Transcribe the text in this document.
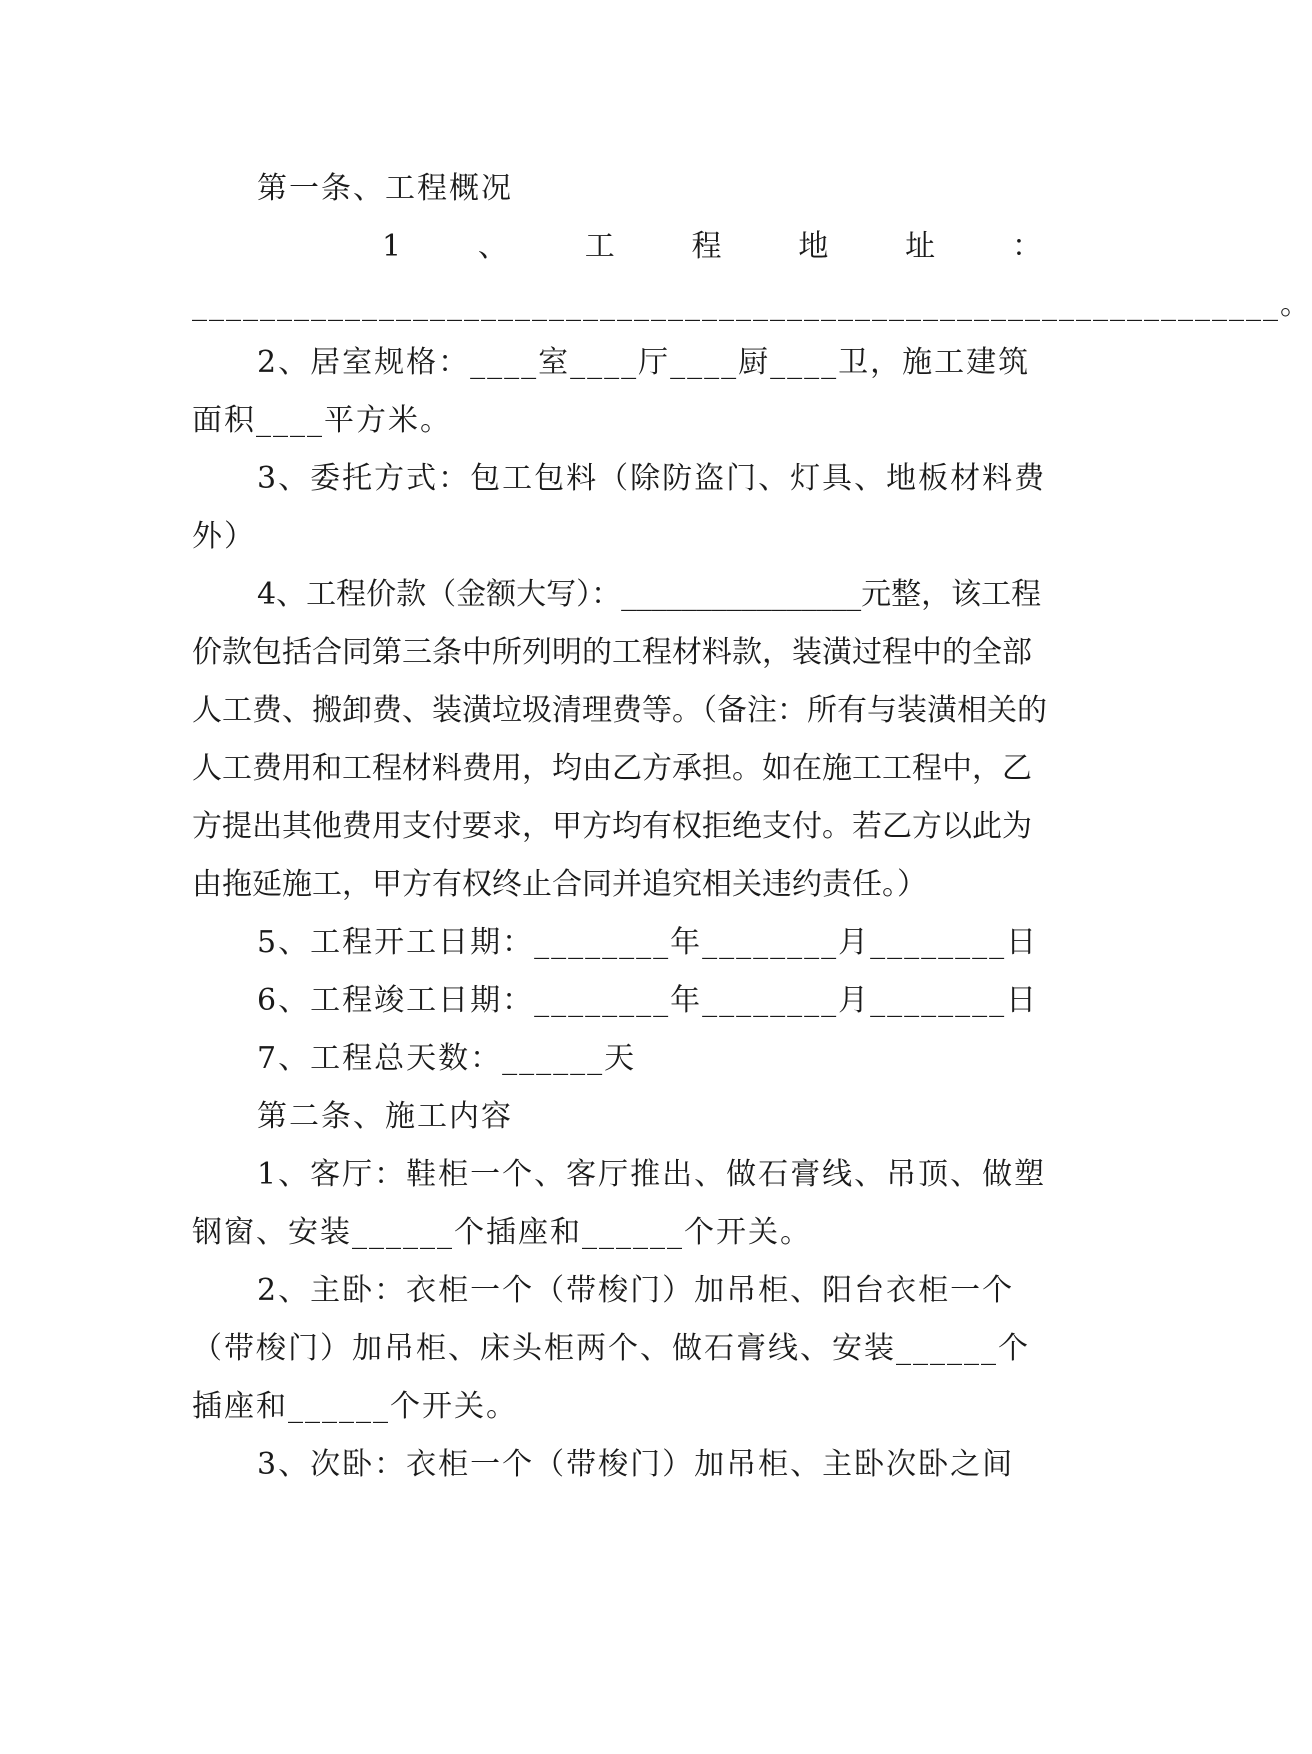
第一条、工程概况

1 、 工 程 地 址 ：

________________________________________________________________。

2、居室规格：____室____厅____厨____卫，施工建筑面积____平方米。

3、委托方式：包工包料（除防盗门、灯具、地板材料费外）

4、工程价款（金额大写）：________________元整，该工程价款包括合同第三条中所列明的工程材料款，装潢过程中的全部人工费、搬卸费、装潢垃圾清理费等。（备注：所有与装潢相关的人工费用和工程材料费用，均由乙方承担。如在施工工程中，乙方提出其他费用支付要求，甲方均有权拒绝支付。若乙方以此为由拖延施工，甲方有权终止合同并追究相关违约责任。）

5、工程开工日期：________年________月________日

6、工程竣工日期：________年________月________日

7、工程总天数：______天

第二条、施工内容

1、客厅：鞋柜一个、客厅推出、做石膏线、吊顶、做塑钢窗、安装______个插座和______个开关。

2、主卧：衣柜一个（带梭门）加吊柜、阳台衣柜一个（带梭门）加吊柜、床头柜两个、做石膏线、安装______个插座和______个开关。

3、次卧：衣柜一个（带梭门）加吊柜、主卧次卧之间
